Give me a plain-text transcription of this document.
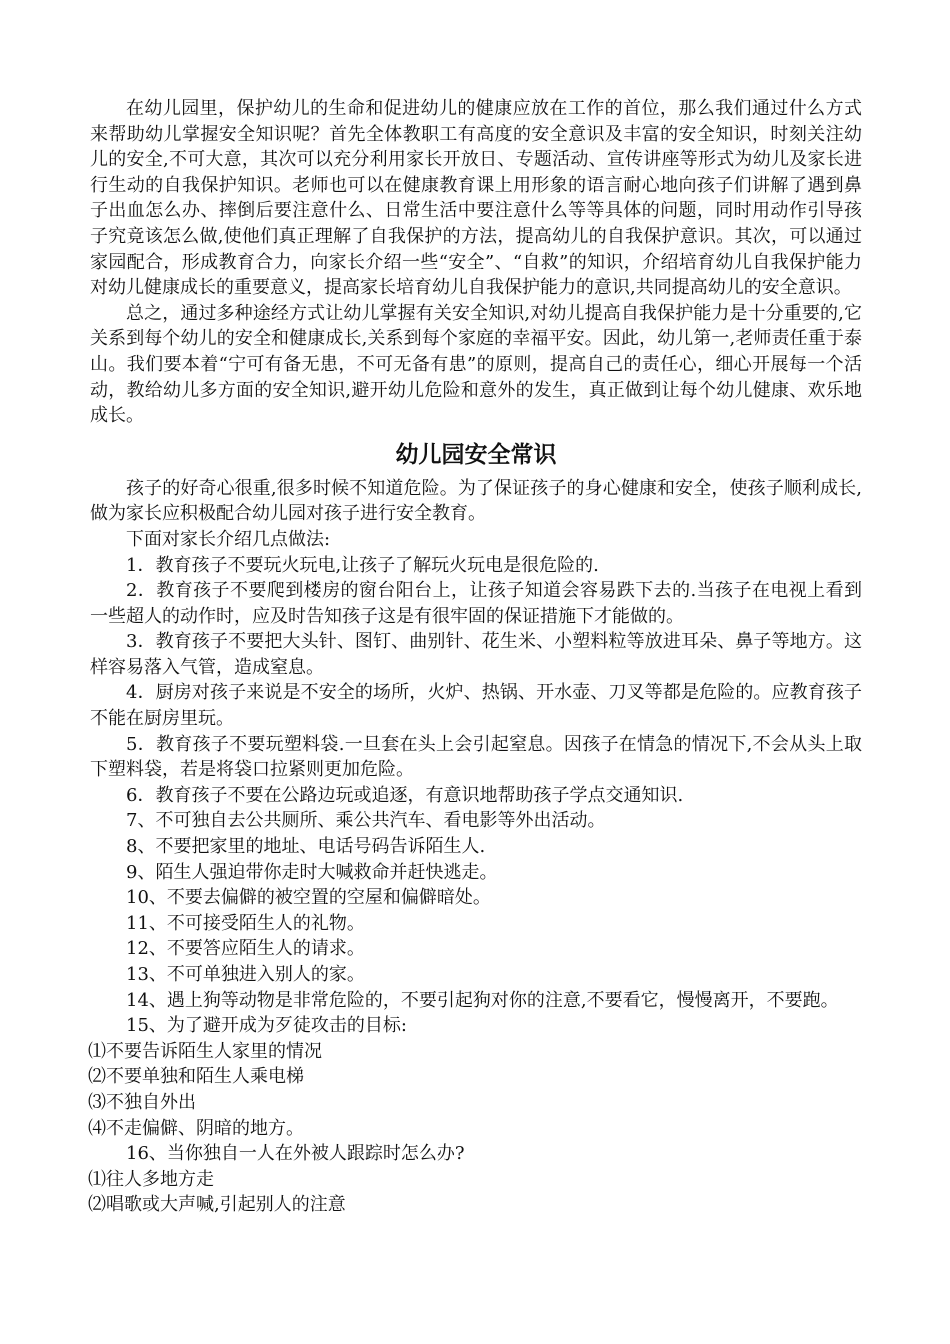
在幼儿园里，保护幼儿的生命和促进幼儿的健康应放在工作的首位，那么我们通过什么方式来帮助幼儿掌握安全知识呢？首先全体教职工有高度的安全意识及丰富的安全知识，时刻关注幼儿的安全,不可大意，其次可以充分利用家长开放日、专题活动、宣传讲座等形式为幼儿及家长进行生动的自我保护知识。老师也可以在健康教育课上用形象的语言耐心地向孩子们讲解了遇到鼻子出血怎么办、摔倒后要注意什么、日常生活中要注意什么等等具体的问题，同时用动作引导孩子究竟该怎么做,使他们真正理解了自我保护的方法，提高幼儿的自我保护意识。其次，可以通过家园配合，形成教育合力，向家长介绍一些“安全”、“自救”的知识，介绍培育幼儿自我保护能力对幼儿健康成长的重要意义，提高家长培育幼儿自我保护能力的意识,共同提高幼儿的安全意识。

总之，通过多种途经方式让幼儿掌握有关安全知识,对幼儿提高自我保护能力是十分重要的,它关系到每个幼儿的安全和健康成长,关系到每个家庭的幸福平安。因此，幼儿第一,老师责任重于泰山。我们要本着“宁可有备无患，不可无备有患”的原则，提高自己的责任心，细心开展每一个活动，教给幼儿多方面的安全知识,避开幼儿危险和意外的发生，真正做到让每个幼儿健康、欢乐地成长。

幼儿园安全常识

孩子的好奇心很重,很多时候不知道危险。为了保证孩子的身心健康和安全，使孩子顺利成长,做为家长应积极配合幼儿园对孩子进行安全教育。

下面对家长介绍几点做法:

1．教育孩子不要玩火玩电,让孩子了解玩火玩电是很危险的.

2．教育孩子不要爬到楼房的窗台阳台上，让孩子知道会容易跌下去的.当孩子在电视上看到一些超人的动作时，应及时告知孩子这是有很牢固的保证措施下才能做的。

3．教育孩子不要把大头针、图钉、曲别针、花生米、小塑料粒等放进耳朵、鼻子等地方。这样容易落入气管，造成窒息。

4．厨房对孩子来说是不安全的场所，火炉、热锅、开水壶、刀叉等都是危险的。应教育孩子不能在厨房里玩。

5．教育孩子不要玩塑料袋.一旦套在头上会引起窒息。因孩子在情急的情况下,不会从头上取下塑料袋，若是将袋口拉紧则更加危险。

6．教育孩子不要在公路边玩或追逐，有意识地帮助孩子学点交通知识.

7、不可独自去公共厕所、乘公共汽车、看电影等外出活动。

8、不要把家里的地址、电话号码告诉陌生人.

9、陌生人强迫带你走时大喊救命并赶快逃走。

10、不要去偏僻的被空置的空屋和偏僻暗处。

11、不可接受陌生人的礼物。

12、不要答应陌生人的请求。

13、不可单独进入别人的家。

14、遇上狗等动物是非常危险的，不要引起狗对你的注意,不要看它，慢慢离开，不要跑。

15、为了避开成为歹徒攻击的目标:

⑴不要告诉陌生人家里的情况

⑵不要单独和陌生人乘电梯

⑶不独自外出

⑷不走偏僻、阴暗的地方。

16、当你独自一人在外被人跟踪时怎么办?

⑴往人多地方走

⑵唱歌或大声喊,引起别人的注意
